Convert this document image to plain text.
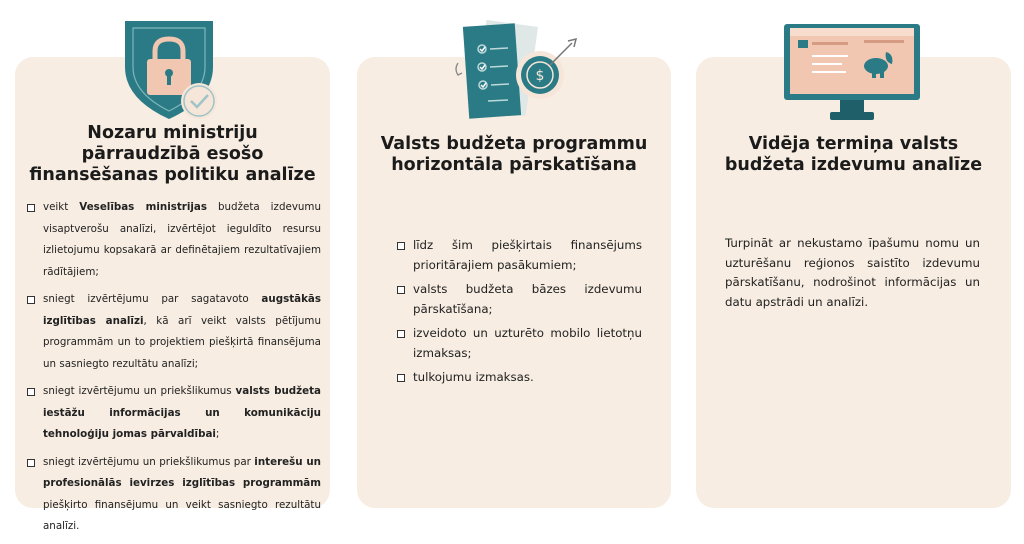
$
Nozaru ministriju
pārraudzībā esošo
finansēšanas politiku analīze
Valsts budžeta programmu
horizontāla pārskatīšana
Vidēja termiņa valsts
budžeta izdevumu analīze
veikt Veselības ministrijas budžeta izdevumu visaptverošu analīzi, izvērtējot ieguldīto resursu izlietojumu kopsakarā ar definētajiem rezultatīvajiem rādītājiem;
sniegt izvērtējumu par sagatavoto augstākās izglītības analīzi, kā arī veikt valsts pētījumu programmām un to projektiem piešķirtā finansējuma un sasniegto rezultātu analīzi;
sniegt izvērtējumu un priekšlikumus valsts budžeta iestāžu informācijas un komunikāciju tehnoloģiju jomas pārvaldībai;
sniegt izvērtējumu un priekšlikumus par interešu un profesionālās ievirzes izglītības programmām piešķirto finansējumu un veikt sasniegto rezultātu analīzi.
līdz šim piešķirtais finansējums prioritārajiem pasākumiem;
valsts budžeta bāzes izdevumu pārskatīšana;
izveidoto un uzturēto mobilo lietotņu izmaksas;
tulkojumu izmaksas.

Turpināt ar nekustamo īpašumu nomu un uzturēšanu reģionos saistīto izdevumu pārskatīšanu, nodrošinot informācijas un datu apstrādi un analīzi.
